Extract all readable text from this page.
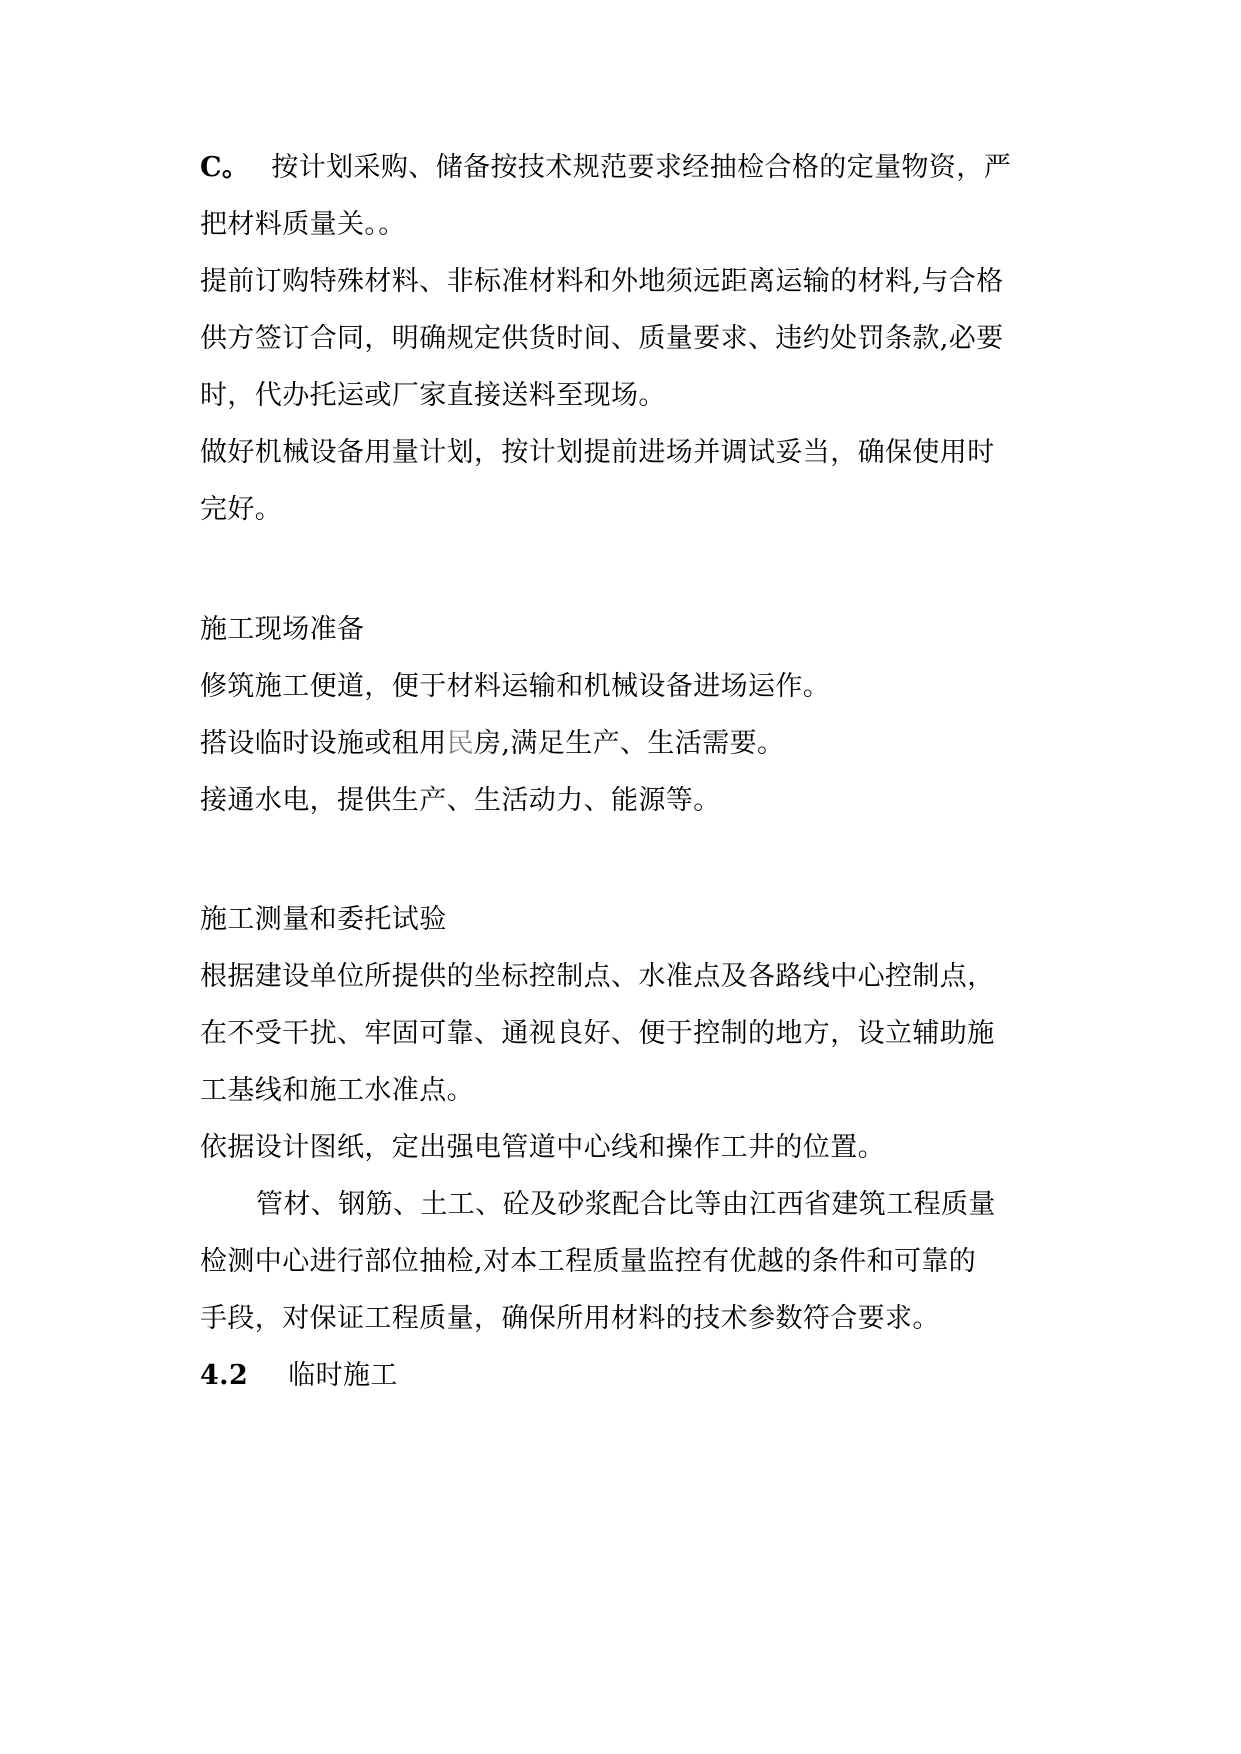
C。 按计划采购、储备按技术规范要求经抽检合格的定量物资，严
把材料质量关。。
提前订购特殊材料、非标准材料和外地须远距离运输的材料,与合格
供方签订合同，明确规定供货时间、质量要求、违约处罚条款,必要
时，代办托运或厂家直接送料至现场。
做好机械设备用量计划，按计划提前进场并调试妥当，确保使用时
完好。
施工现场准备
修筑施工便道，便于材料运输和机械设备进场运作。
搭设临时设施或租用民房,满足生产、生活需要。
接通水电，提供生产、生活动力、能源等。
施工测量和委托试验
根据建设单位所提供的坐标控制点、水准点及各路线中心控制点，
在不受干扰、牢固可靠、通视良好、便于控制的地方，设立辅助施
工基线和施工水准点。
依据设计图纸，定出强电管道中心线和操作工井的位置。
管材、钢筋、土工、砼及砂浆配合比等由江西省建筑工程质量
检测中心进行部位抽检,对本工程质量监控有优越的条件和可靠的
手段，对保证工程质量，确保所用材料的技术参数符合要求。
4.2 临时施工
